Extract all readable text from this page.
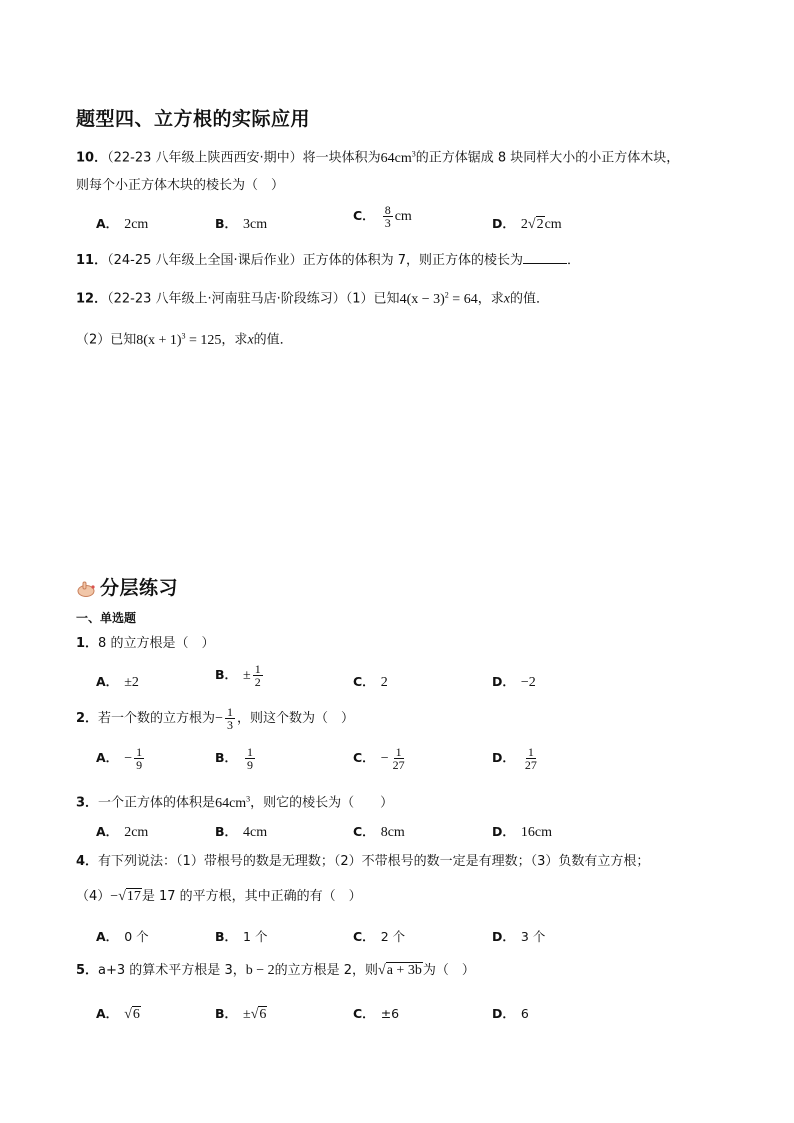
题型四、立方根的实际应用
10．（22-23 八年级上陕西西安·期中）将一块体积为$64cm^3$的正方体锯成 8 块同样大小的小正方体木块，
则每个小正方体木块的棱长为（　）
A． 2cm	B． 3cm
C． $\frac{8}{3}$ cm	D． 2√2cm
11．（24-25 八年级上全国·课后作业）正方体的体积为 7，则正方体的棱长为	．
12．（22-23 八年级上·河南驻马店·阶段练习）（1）已知$4(x - 3)^2 = 64$，求x的值．
（2）已知$8(x + 1)^3 = 125$，求x的值．
分层练习
一、单选题
1．8 的立方根是（　）
A． ±2
B． ± $\frac{1}{2}$	C． 2	D． −2
2．若一个数的立方根为− $\frac{1}{3}$ ，则这个数为（　）
A． − $\frac{1}{9}$	B． $\frac{1}{9}$	C． − $\frac{1}{27}$	D． $\frac{1}{27}$
3．一个正方体的体积是$64cm^3$，则它的棱长为（　　）
A． 2cm	B． 4cm	C． 8cm	D． 16cm
4．有下列说法：（1）带根号的数是无理数；（2）不带根号的数一定是有理数；（3）负数有立方根；
（4）−√17是 17 的平方根，其中正确的有（　）
A． 0 个	B． 1 个	C． 2 个	D． 3 个
5．a+3 的算术平方根是 3，b − 2的立方根是 2，则√a + 3b为（　）
A． √6	B． ±√6	C． ±6	D． 6
